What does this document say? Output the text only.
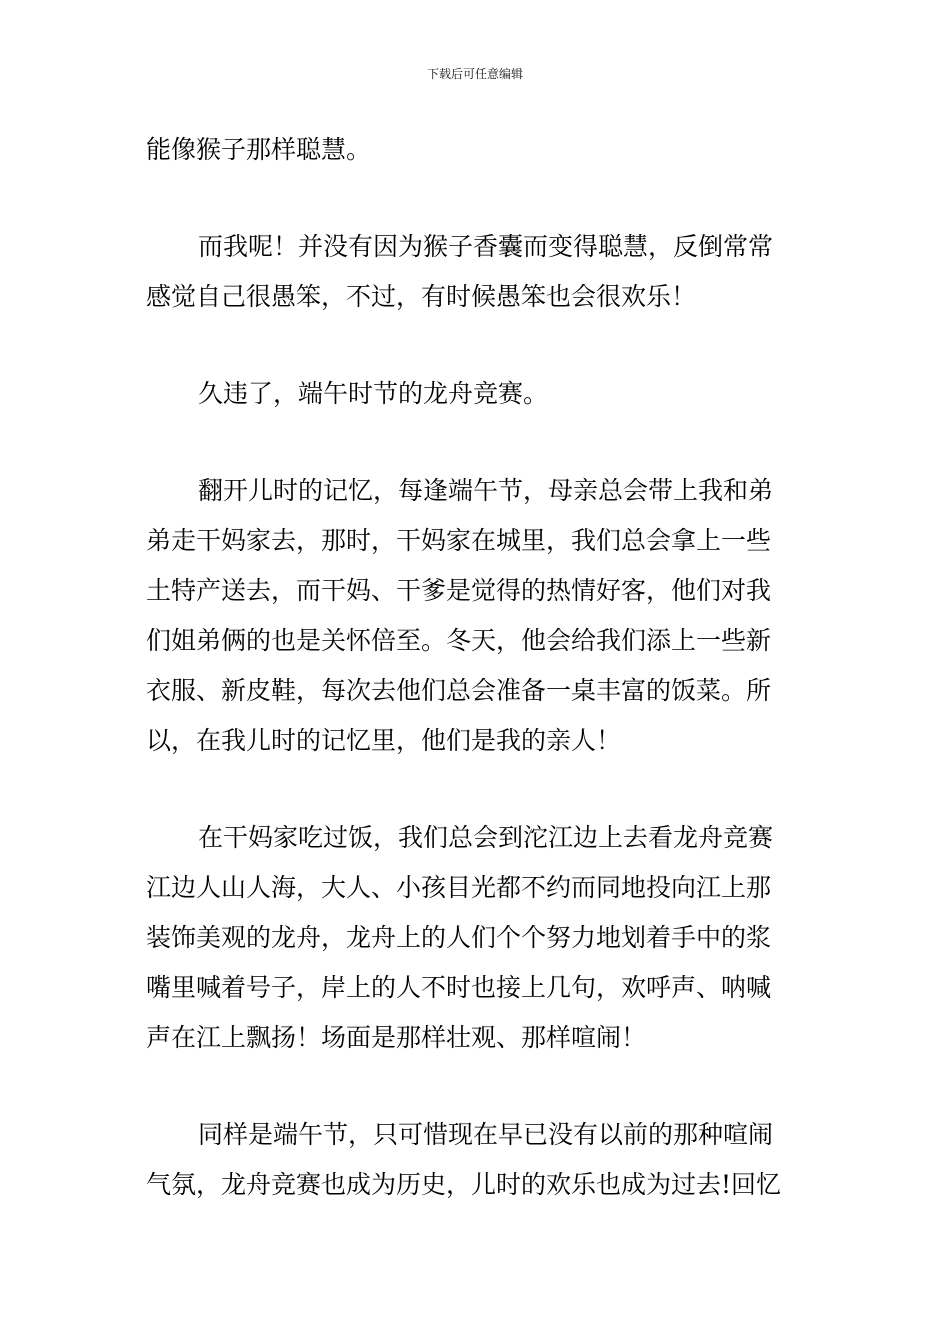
下载后可任意编辑
能像猴子那样聪慧。
而我呢！并没有因为猴子香囊而变得聪慧，反倒常常
感觉自己很愚笨，不过，有时候愚笨也会很欢乐！
久违了，端午时节的龙舟竞赛。
翻开儿时的记忆，每逢端午节，母亲总会带上我和弟
弟走干妈家去，那时，干妈家在城里，我们总会拿上一些
土特产送去，而干妈、干爹是觉得的热情好客，他们对我
们姐弟俩的也是关怀倍至。冬天，他会给我们添上一些新
衣服、新皮鞋，每次去他们总会准备一桌丰富的饭菜。所
以，在我儿时的记忆里，他们是我的亲人！
在干妈家吃过饭，我们总会到沱江边上去看龙舟竞赛
江边人山人海，大人、小孩目光都不约而同地投向江上那
装饰美观的龙舟，龙舟上的人们个个努力地划着手中的浆
嘴里喊着号子，岸上的人不时也接上几句，欢呼声、呐喊
声在江上飘扬！场面是那样壮观、那样喧闹！
同样是端午节，只可惜现在早已没有以前的那种喧闹
气氛，龙舟竞赛也成为历史，儿时的欢乐也成为过去!回忆
